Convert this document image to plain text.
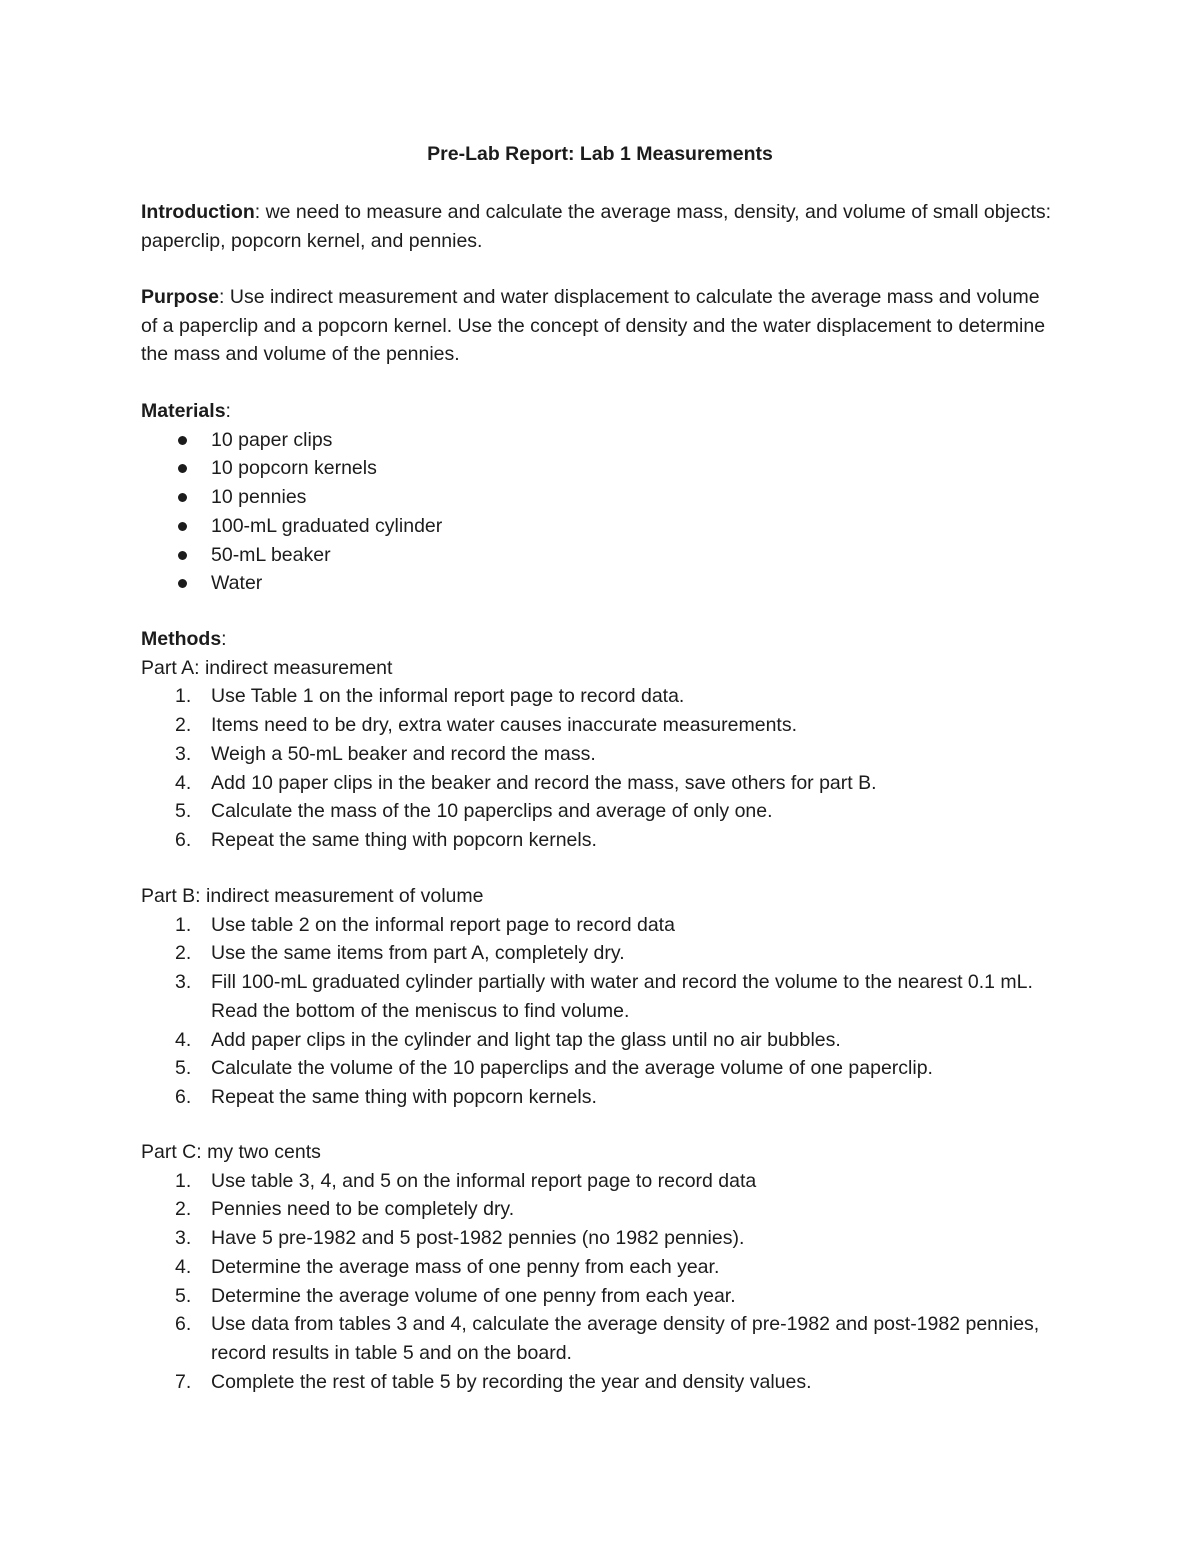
Pre-Lab Report: Lab 1 Measurements

Introduction: we need to measure and calculate the average mass, density, and volume of small objects: paperclip, popcorn kernel, and pennies.

Purpose: Use indirect measurement and water displacement to calculate the average mass and volume of a paperclip and a popcorn kernel. Use the concept of density and the water displacement to determine the mass and volume of the pennies.

Materials:
10 paper clips
10 popcorn kernels
10 pennies
100-mL graduated cylinder
50-mL beaker
Water
Methods:
Part A: indirect measurement
1. Use Table 1 on the informal report page to record data.
2. Items need to be dry, extra water causes inaccurate measurements.
3. Weigh a 50-mL beaker and record the mass.
4. Add 10 paper clips in the beaker and record the mass, save others for part B.
5. Calculate the mass of the 10 paperclips and average of only one.
6. Repeat the same thing with popcorn kernels.
Part B: indirect measurement of volume
1. Use table 2 on the informal report page to record data
2. Use the same items from part A, completely dry.
3. Fill 100-mL graduated cylinder partially with water and record the volume to the nearest 0.1 mL. Read the bottom of the meniscus to find volume.
4. Add paper clips in the cylinder and light tap the glass until no air bubbles.
5. Calculate the volume of the 10 paperclips and the average volume of one paperclip.
6. Repeat the same thing with popcorn kernels.
Part C: my two cents
1. Use table 3, 4, and 5 on the informal report page to record data
2. Pennies need to be completely dry.
3. Have 5 pre-1982 and 5 post-1982 pennies (no 1982 pennies).
4. Determine the average mass of one penny from each year.
5. Determine the average volume of one penny from each year.
6. Use data from tables 3 and 4, calculate the average density of pre-1982 and post-1982 pennies, record results in table 5 and on the board.
7. Complete the rest of table 5 by recording the year and density values.
